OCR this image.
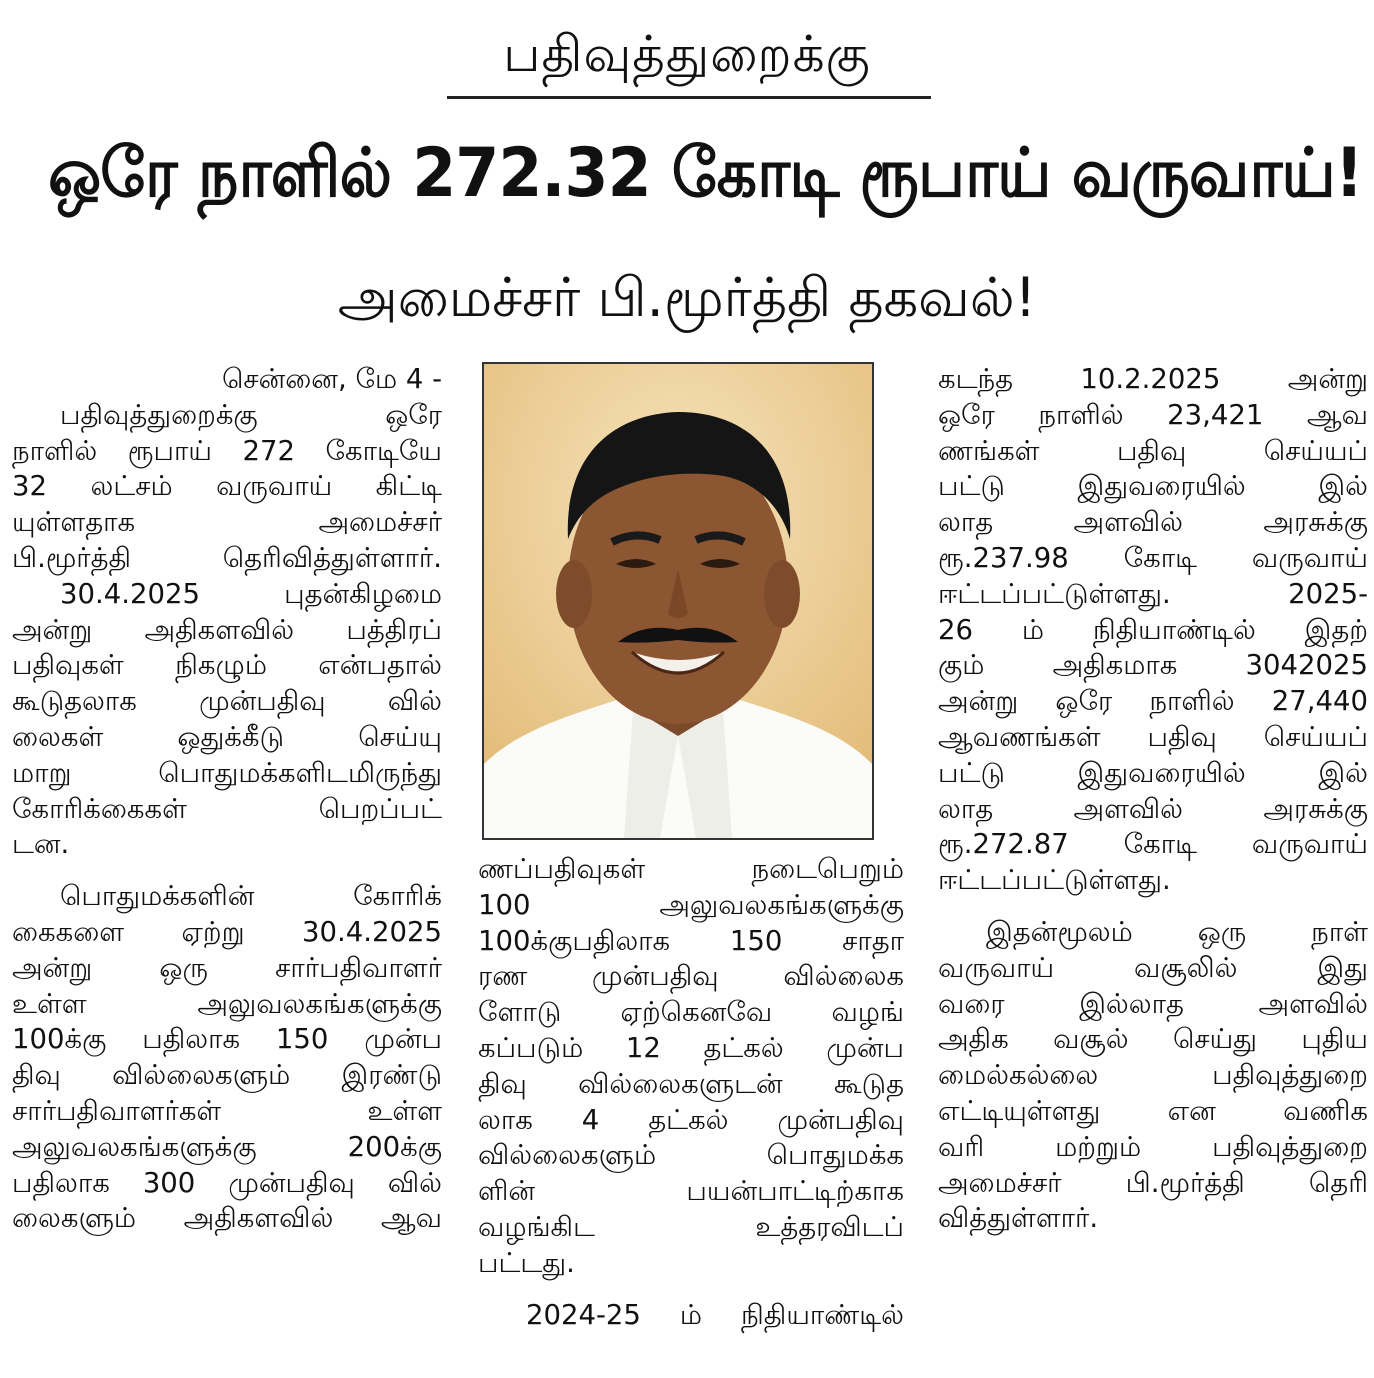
பதிவுத்துறைக்கு
ஒரே நாளில் 272.32 கோடி ரூபாய் வருவாய்!
அமைச்சர் பி.மூர்த்தி தகவல்!
சென்னை, மே 4 -
பதிவுத்துறைக்கு ஒரே
நாளில் ரூபாய் 272 கோடியே
32 லட்சம் வருவாய் கிட்டி
யுள்ளதாக அமைச்சர்
பி.மூர்த்தி தெரிவித்துள்ளார்.
30.4.2025 புதன்கிழமை
அன்று அதிகளவில் பத்திரப்
பதிவுகள் நிகழும் என்பதால்
கூடுதலாக முன்பதிவு வில்
லைகள் ஒதுக்கீடு செய்யு
மாறு பொதுமக்களிடமிருந்து
கோரிக்கைகள் பெறப்பட்
டன.
பொதுமக்களின் கோரிக்
கைகளை ஏற்று 30.4.2025
அன்று ஒரு சார்பதிவாளர்
உள்ள அலுவலகங்களுக்கு
100க்கு பதிலாக 150 முன்ப
திவு வில்லைகளும் இரண்டு
சார்பதிவாளர்கள் உள்ள
அலுவலகங்களுக்கு 200க்கு
பதிலாக 300 முன்பதிவு வில்
லைகளும் அதிகளவில் ஆவ
ணப்பதிவுகள் நடைபெறும்
100 அலுவலகங்களுக்கு
100க்குபதிலாக 150 சாதா
ரண முன்பதிவு வில்லைக
ளோடு ஏற்கெனவே வழங்
கப்படும் 12 தட்கல் முன்ப
திவு வில்லைகளுடன் கூடுத
லாக 4 தட்கல் முன்பதிவு
வில்லைகளும் பொதுமக்க
ளின் பயன்பாட்டிற்காக
வழங்கிட உத்தரவிடப்
பட்டது.
2024-25 ம் நிதியாண்டில்
கடந்த 10.2.2025 அன்று
ஒரே நாளில் 23,421 ஆவ
ணங்கள் பதிவு செய்யப்
பட்டு இதுவரையில் இல்
லாத அளவில் அரசுக்கு
ரூ.237.98 கோடி வருவாய்
ஈட்டப்பட்டுள்ளது. 2025-
26 ம் நிதியாண்டில் இதற்
கும் அதிகமாக 3042025
அன்று ஒரே நாளில் 27,440
ஆவணங்கள் பதிவு செய்யப்
பட்டு இதுவரையில் இல்
லாத அளவில் அரசுக்கு
ரூ.272.87 கோடி வருவாய்
ஈட்டப்பட்டுள்ளது.
இதன்மூலம் ஒரு நாள்
வருவாய் வசூலில் இது
வரை இல்லாத அளவில்
அதிக வசூல் செய்து புதிய
மைல்கல்லை பதிவுத்துறை
எட்டியுள்ளது என வணிக
வரி மற்றும் பதிவுத்துறை
அமைச்சர் பி.மூர்த்தி தெரி
வித்துள்ளார்.
